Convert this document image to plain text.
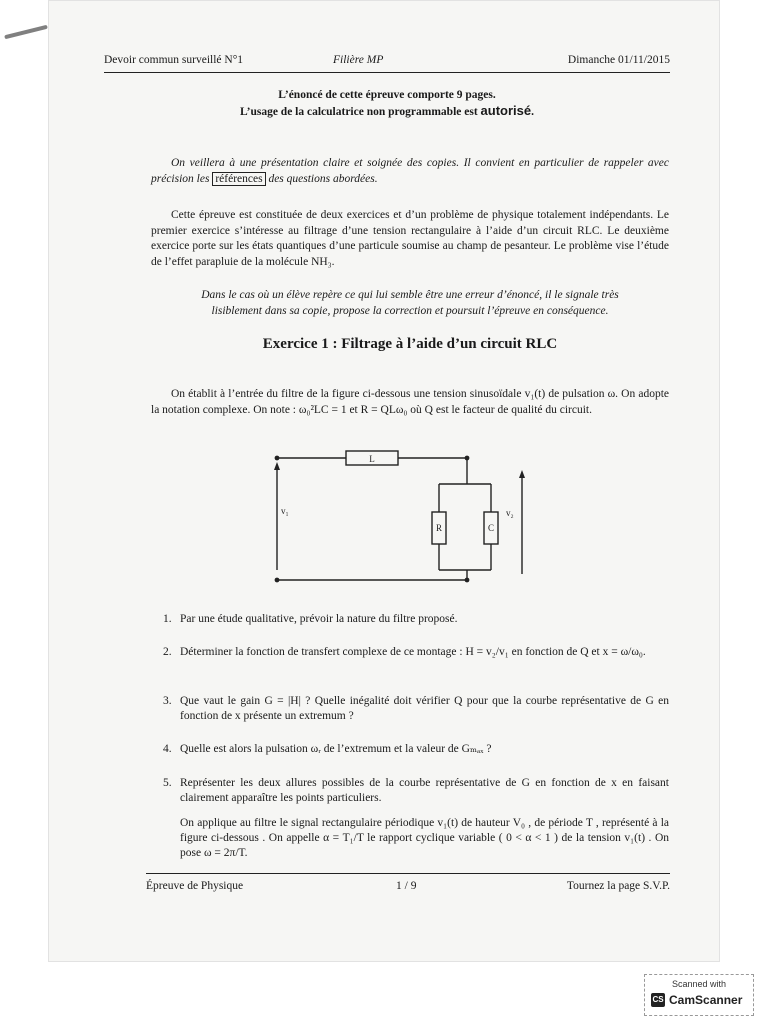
Devoir commun surveillé N°1	Filière MP	Dimanche 01/11/2015
L’énoncé de cette épreuve comporte 9 pages.
L’usage de la calculatrice non programmable est autorisé.
On veillera à une présentation claire et soignée des copies. Il convient en particulier de rappeler avec précision les références des questions abordées.
Cette épreuve est constituée de deux exercices et d’un problème de physique totalement indépendants. Le premier exercice s’intéresse au filtrage d’une tension rectangulaire à l’aide d’un circuit RLC. Le deuxième exercice porte sur les états quantiques d’une particule soumise au champ de pesanteur. Le problème vise l’étude de l’effet parapluie de la molécule NH₃.
Dans le cas où un élève repère ce qui lui semble être une erreur d’énoncé, il le signale très lisiblement dans sa copie, propose la correction et poursuit l’épreuve en conséquence.
Exercice 1 : Filtrage à l’aide d’un circuit RLC
On établit à l’entrée du filtre de la figure ci-dessous une tension sinusoïdale v₁(t) de pulsation ω. On adopte la notation complexe. On note : ω₀²LC = 1 et R = QLω₀ où Q est le facteur de qualité du circuit.
L
R	C
v₁	v₂
1. Par une étude qualitative, prévoir la nature du filtre proposé.
2. Déterminer la fonction de transfert complexe de ce montage : H = v₂/v₁ en fonction de Q et x = ω/ω₀.
3. Que vaut le gain G = |H| ? Quelle inégalité doit vérifier Q pour que la courbe représentative de G en fonction de x présente un extremum ?
4. Quelle est alors la pulsation ωᵣ de l’extremum et la valeur de Gₘₐₓ ?
5. Représenter les deux allures possibles de la courbe représentative de G en fonction de x en faisant clairement apparaître les points particuliers.
On applique au filtre le signal rectangulaire périodique v₁(t) de hauteur V₀ , de période T , représenté à la figure ci-dessous . On appelle α = T₁/T le rapport cyclique variable ( 0 < α < 1 ) de la tension v₁(t) . On pose ω = 2π/T.
Épreuve de Physique	1 / 9	Tournez la page S.V.P.
Scanned with
CS CamScanner
